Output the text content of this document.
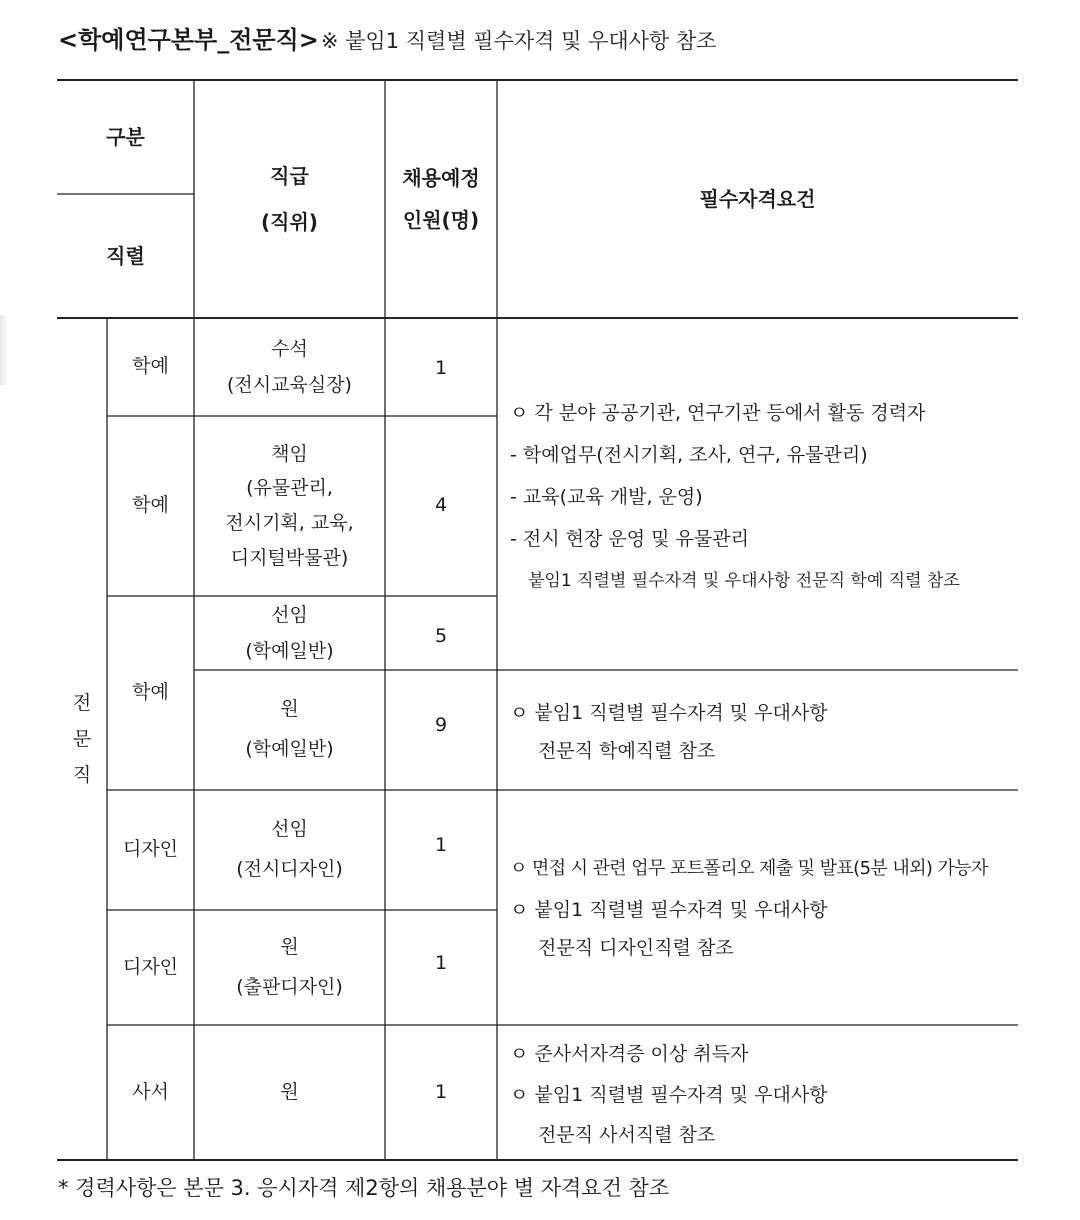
<학예연구본부_전문직>※ 붙임1 직렬별 필수자격 및 우대사항 참조
구분
직렬
직급
(직위)
채용예정
인원(명)
필수자격요건
전
문
직
학예
학예
학예
디자인
디자인
사서
수석
(전시교육실장)
책임
(유물관리,
전시기획, 교육,
디지털박물관)
선임
(학예일반)
원
(학예일반)
선임
(전시디자인)
원
(출판디자인)
원
1
4
5
9
1
1
1
ㅇ 각 분야 공공기관, 연구기관 등에서 활동 경력자
- 학예업무(전시기획, 조사, 연구, 유물관리)
- 교육(교육 개발, 운영)
- 전시 현장 운영 및 유물관리
붙임1 직렬별 필수자격 및 우대사항 전문직 학예 직렬 참조
ㅇ 붙임1 직렬별 필수자격 및 우대사항
전문직 학예직렬 참조
ㅇ 면접 시 관련 업무 포트폴리오 제출 및 발표(5분 내외) 가능자
ㅇ 붙임1 직렬별 필수자격 및 우대사항
전문직 디자인직렬 참조
ㅇ 준사서자격증 이상 취득자
ㅇ 붙임1 직렬별 필수자격 및 우대사항
전문직 사서직렬 참조
* 경력사항은 본문 3. 응시자격 제2항의 채용분야 별 자격요건 참조
